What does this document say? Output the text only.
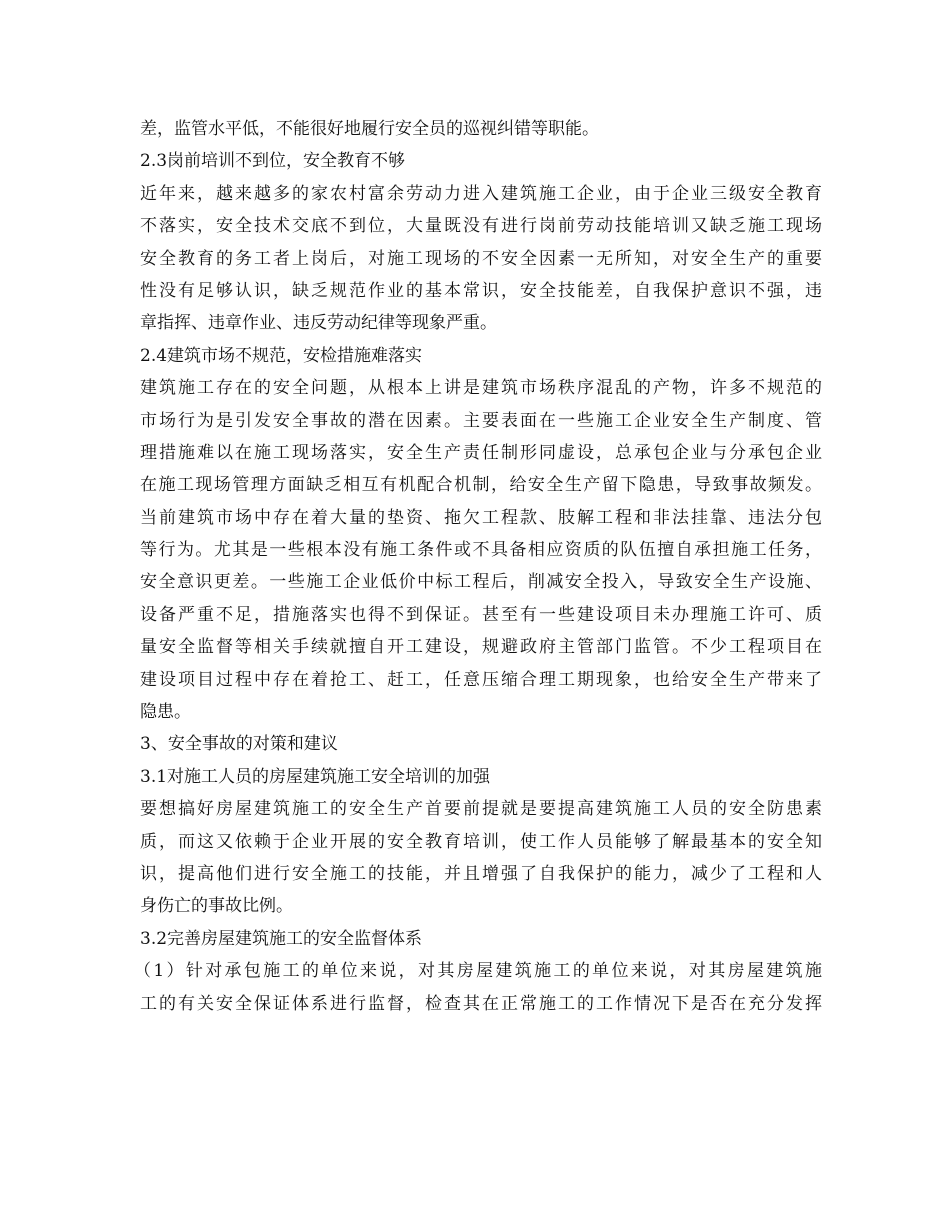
差，监管水平低，不能很好地履行安全员的巡视纠错等职能。
2.3岗前培训不到位，安全教育不够
近年来，越来越多的家农村富余劳动力进入建筑施工企业，由于企业三级安全教育
不落实，安全技术交底不到位，大量既没有进行岗前劳动技能培训又缺乏施工现场
安全教育的务工者上岗后，对施工现场的不安全因素一无所知，对安全生产的重要
性没有足够认识，缺乏规范作业的基本常识，安全技能差，自我保护意识不强，违
章指挥、违章作业、违反劳动纪律等现象严重。
2.4建筑市场不规范，安检措施难落实
建筑施工存在的安全问题，从根本上讲是建筑市场秩序混乱的产物，许多不规范的
市场行为是引发安全事故的潜在因素。主要表面在一些施工企业安全生产制度、管
理措施难以在施工现场落实，安全生产责任制形同虚设，总承包企业与分承包企业
在施工现场管理方面缺乏相互有机配合机制，给安全生产留下隐患，导致事故频发。
当前建筑市场中存在着大量的垫资、拖欠工程款、肢解工程和非法挂靠、违法分包
等行为。尤其是一些根本没有施工条件或不具备相应资质的队伍擅自承担施工任务，
安全意识更差。一些施工企业低价中标工程后，削减安全投入，导致安全生产设施、
设备严重不足，措施落实也得不到保证。甚至有一些建设项目未办理施工许可、质
量安全监督等相关手续就擅自开工建设，规避政府主管部门监管。不少工程项目在
建设项目过程中存在着抢工、赶工，任意压缩合理工期现象，也给安全生产带来了
隐患。
3、安全事故的对策和建议
3.1对施工人员的房屋建筑施工安全培训的加强
要想搞好房屋建筑施工的安全生产首要前提就是要提高建筑施工人员的安全防患素
质，而这又依赖于企业开展的安全教育培训，使工作人员能够了解最基本的安全知
识，提高他们进行安全施工的技能，并且增强了自我保护的能力，减少了工程和人
身伤亡的事故比例。
3.2完善房屋建筑施工的安全监督体系
（1）针对承包施工的单位来说，对其房屋建筑施工的单位来说，对其房屋建筑施
工的有关安全保证体系进行监督，检查其在正常施工的工作情况下是否在充分发挥
